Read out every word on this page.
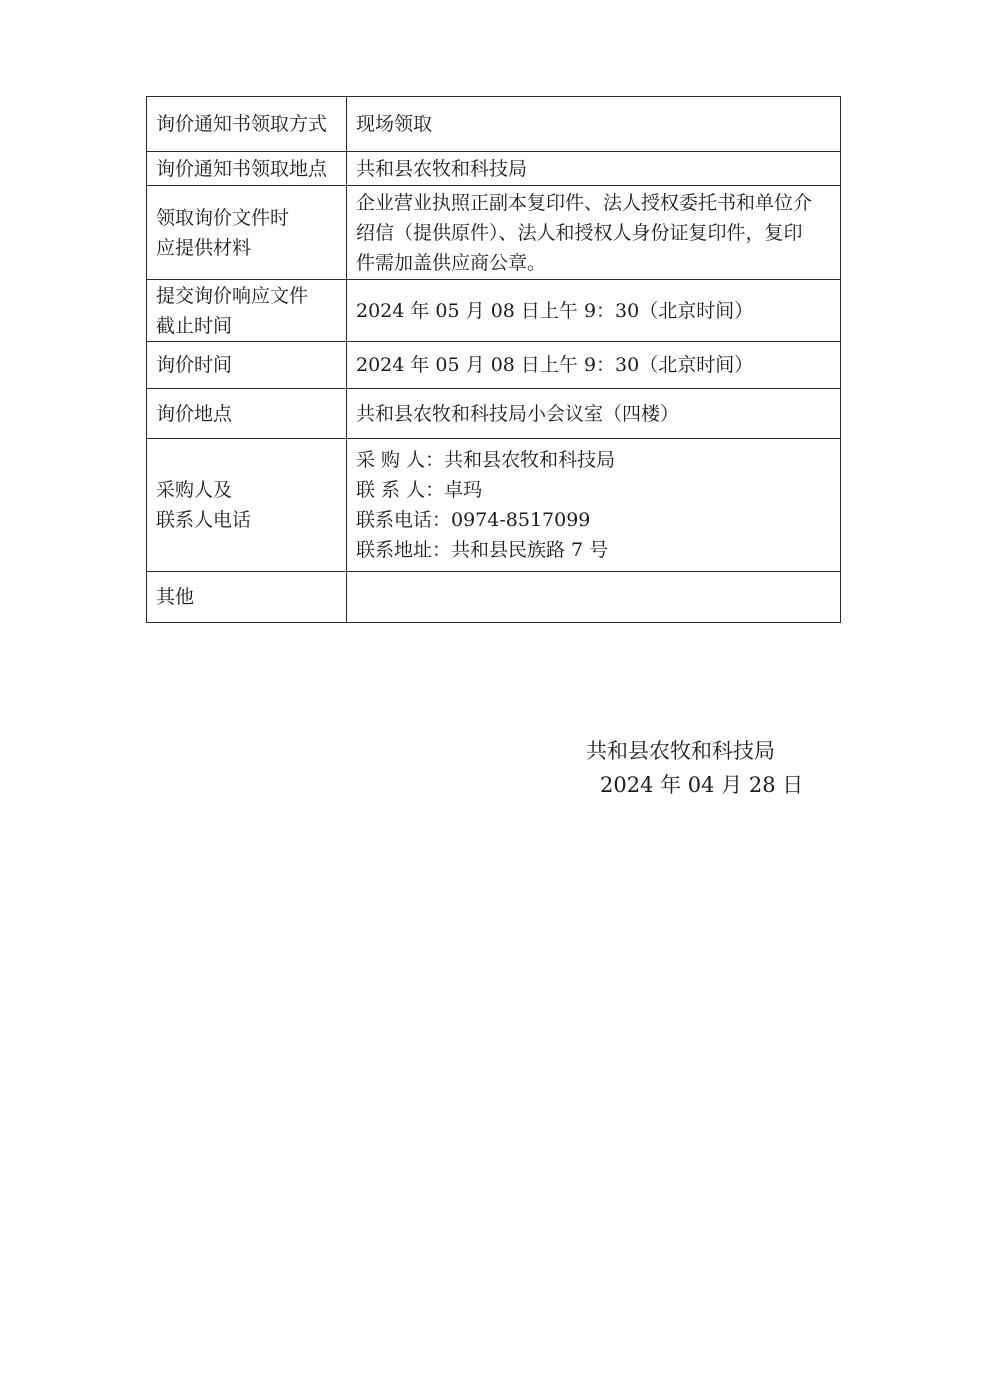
询价通知书领取方式	现场领取

询价通知书领取地点	共和县农牧和科技局

领取询价文件时
应提供材料	企业营业执照正副本复印件、法人授权委托书和单位介
绍信（提供原件）、法人和授权人身份证复印件，复印
件需加盖供应商公章。

提交询价响应文件
截止时间	2024 年 05 月 08 日上午 9：30（北京时间）

询价时间	2024 年 05 月 08 日上午 9：30（北京时间）

询价地点	共和县农牧和科技局小会议室（四楼）

采购人及
联系人电话	采 购 人：共和县农牧和科技局
联 系 人：卓玛
联系电话：0974-8517099
联系地址：共和县民族路 7 号

其他	

共和县农牧和科技局
2024 年 04 月 28 日
